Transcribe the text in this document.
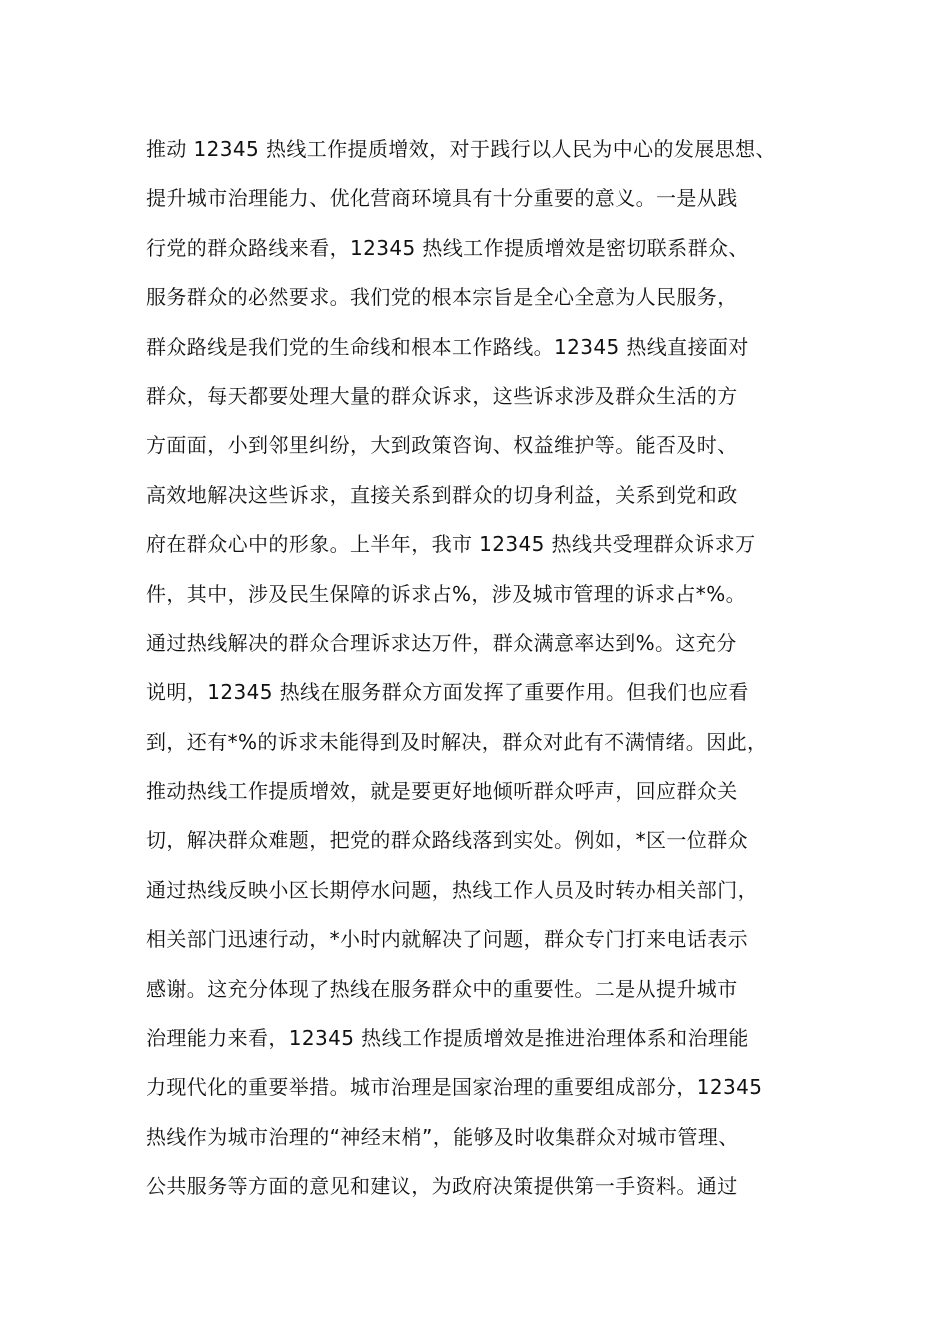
推动 12345 热线工作提质增效，对于践行以人民为中心的发展思想、
提升城市治理能力、优化营商环境具有十分重要的意义。一是从践
行党的群众路线来看，12345 热线工作提质增效是密切联系群众、
服务群众的必然要求。我们党的根本宗旨是全心全意为人民服务，
群众路线是我们党的生命线和根本工作路线。12345 热线直接面对
群众，每天都要处理大量的群众诉求，这些诉求涉及群众生活的方
方面面，小到邻里纠纷，大到政策咨询、权益维护等。能否及时、
高效地解决这些诉求，直接关系到群众的切身利益，关系到党和政
府在群众心中的形象。上半年，我市 12345 热线共受理群众诉求万
件，其中，涉及民生保障的诉求占%，涉及城市管理的诉求占*%。
通过热线解决的群众合理诉求达万件，群众满意率达到%。这充分
说明，12345 热线在服务群众方面发挥了重要作用。但我们也应看
到，还有*%的诉求未能得到及时解决，群众对此有不满情绪。因此，
推动热线工作提质增效，就是要更好地倾听群众呼声，回应群众关
切，解决群众难题，把党的群众路线落到实处。例如，*区一位群众
通过热线反映小区长期停水问题，热线工作人员及时转办相关部门，
相关部门迅速行动，*小时内就解决了问题，群众专门打来电话表示
感谢。这充分体现了热线在服务群众中的重要性。二是从提升城市
治理能力来看，12345 热线工作提质增效是推进治理体系和治理能
力现代化的重要举措。城市治理是国家治理的重要组成部分，12345
热线作为城市治理的“神经末梢”，能够及时收集群众对城市管理、
公共服务等方面的意见和建议，为政府决策提供第一手资料。通过
